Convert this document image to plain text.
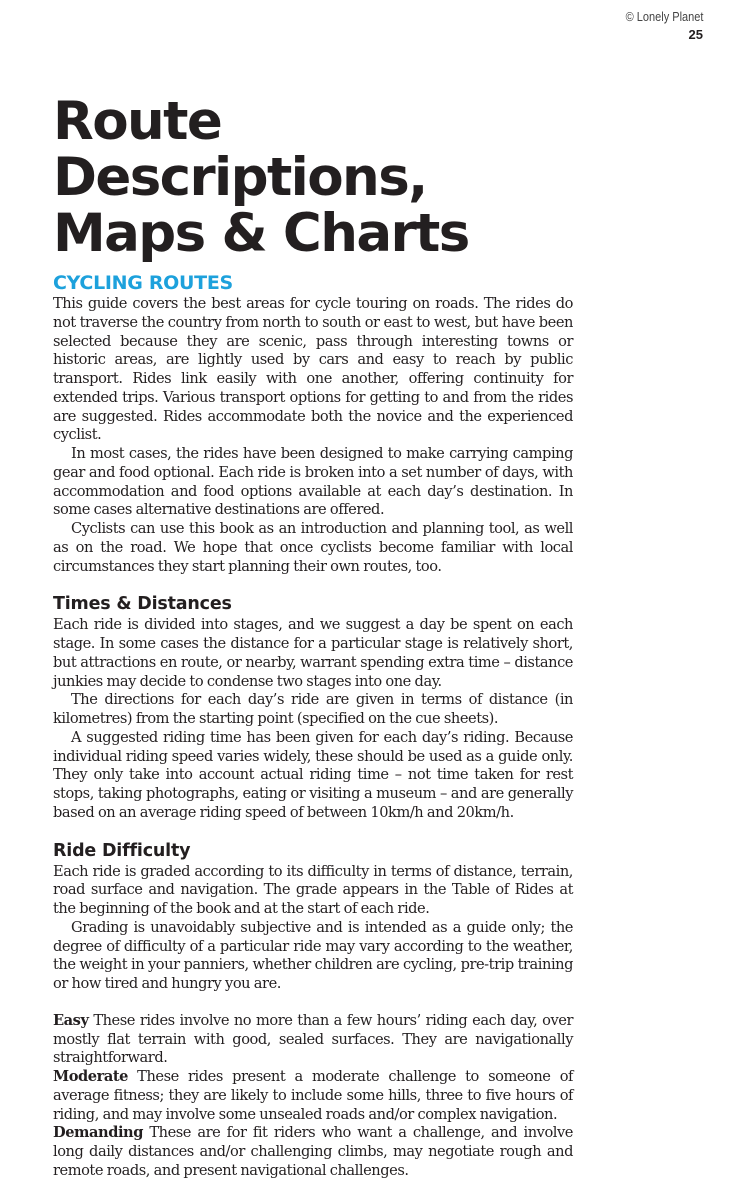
© Lonely Planet
25
Route Descriptions,
Maps & Charts
CYCLING ROUTES

This guide covers the best areas for cycle touring on roads. The rides do not traverse the country from north to south or east to west, but have been selected because they are scenic, pass through interesting towns or historic areas, are lightly used by cars and easy to reach by public transport. Rides link easily with one another, offering continuity for extended trips. Various transport options for getting to and from the rides are suggested. Rides accommodate both the novice and the experienced cyclist.

In most cases, the rides have been designed to make carrying camping gear and food optional. Each ride is broken into a set number of days, with accommodation and food options available at each day’s destination. In some cases alternative destinations are offered.

Cyclists can use this book as an introduction and planning tool, as well as on the road. We hope that once cyclists become familiar with local circumstances they start planning their own routes, too.

Times & Distances

Each ride is divided into stages, and we suggest a day be spent on each stage. In some cases the distance for a particular stage is relatively short, but attractions en route, or nearby, warrant spending extra time – distance junkies may decide to condense two stages into one day.

The directions for each day’s ride are given in terms of distance (in kilometres) from the starting point (specified on the cue sheets).

A suggested riding time has been given for each day’s riding. Because individual riding speed varies widely, these should be used as a guide only. They only take into account actual riding time – not time taken for rest stops, taking photographs, eating or visiting a museum – and are generally based on an average riding speed of between 10km/h and 20km/h.

Ride Difficulty

Each ride is graded according to its difficulty in terms of distance, terrain, road surface and navigation. The grade appears in the Table of Rides at the beginning of the book and at the start of each ride.

Grading is unavoidably subjective and is intended as a guide only; the degree of difficulty of a particular ride may vary according to the weather, the weight in your panniers, whether children are cycling, pre-trip training or how tired and hungry you are.

Easy These rides involve no more than a few hours’ riding each day, over mostly flat terrain with good, sealed surfaces. They are navigationally straightforward.

Moderate These rides present a moderate challenge to someone of average fitness; they are likely to include some hills, three to five hours of riding, and may involve some unsealed roads and/or complex navigation.

Demanding These are for fit riders who want a challenge, and involve long daily distances and/or challenging climbs, may negotiate rough and remote roads, and present navigational challenges.
